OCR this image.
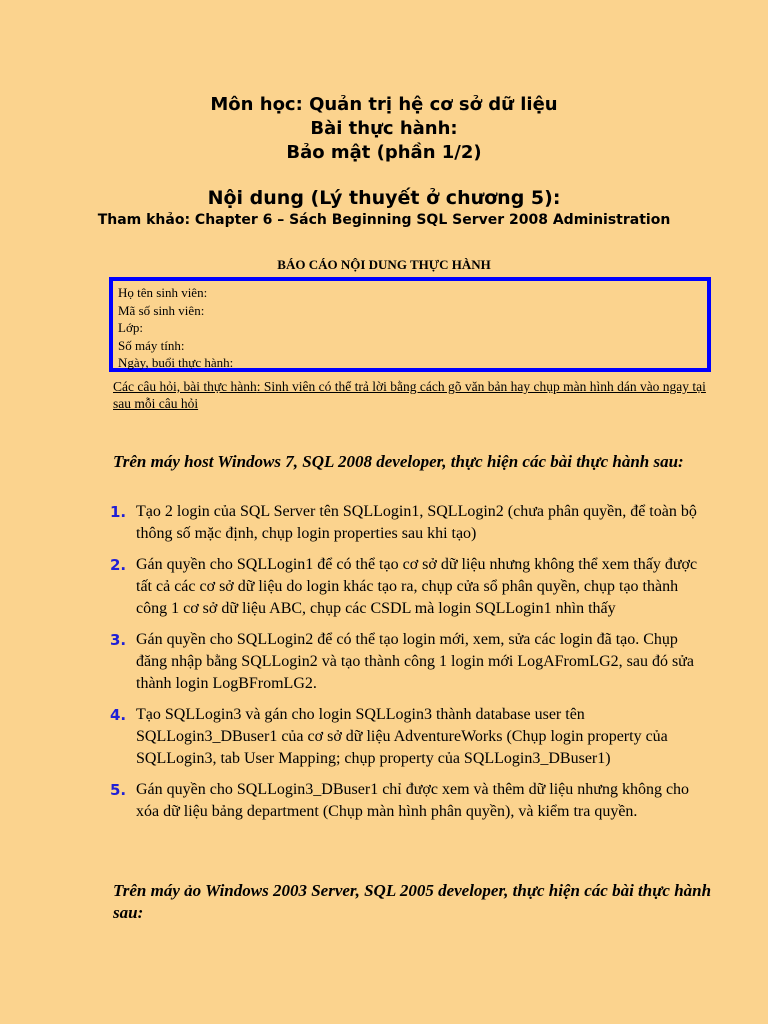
Môn học: Quản trị hệ cơ sở dữ liệu

Bài thực hành:

Bảo mật (phần 1/2)

Nội dung (Lý thuyết ở chương 5):

Tham khảo: Chapter 6 – Sách Beginning SQL Server 2008 Administration

BÁO CÁO NỘI DUNG THỰC HÀNH
Họ tên sinh viên:
Mã số sinh viên:
Lớp:
Số máy tính:
Ngày, buổi thực hành:
Các câu hỏi, bài thực hành: Sinh viên có thể trả lời bằng cách gõ văn bản hay chụp màn hình dán vào ngay tại sau mỗi câu hỏi
Trên máy host Windows 7, SQL 2008 developer, thực hiện các bài thực hành sau:
1. Tạo 2 login của SQL Server tên SQLLogin1, SQLLogin2 (chưa phân quyền, để toàn bộ thông số mặc định, chụp login properties sau khi tạo)
2. Gán quyền cho SQLLogin1 để có thể tạo cơ sở dữ liệu nhưng không thể xem thấy được tất cả các cơ sở dữ liệu do login khác tạo ra, chụp cửa sổ phân quyền, chụp tạo thành công 1 cơ sở dữ liệu ABC, chụp các CSDL mà login SQLLogin1 nhìn thấy
3. Gán quyền cho SQLLogin2 để có thể tạo login mới, xem, sửa các login đã tạo. Chụp đăng nhập bằng SQLLogin2 và tạo thành công 1 login mới LogAFromLG2, sau đó sửa thành login LogBFromLG2.
4. Tạo SQLLogin3 và gán cho login SQLLogin3 thành database user tên SQLLogin3_DBuser1 của cơ sở dữ liệu AdventureWorks (Chụp login property của SQLLogin3, tab User Mapping; chụp property của SQLLogin3_DBuser1)
5. Gán quyền cho SQLLogin3_DBuser1 chỉ được xem và thêm dữ liệu nhưng không cho xóa dữ liệu bảng department (Chụp màn hình phân quyền), và kiểm tra quyền.
Trên máy ảo Windows 2003 Server, SQL 2005 developer, thực hiện các bài thực hành sau:
